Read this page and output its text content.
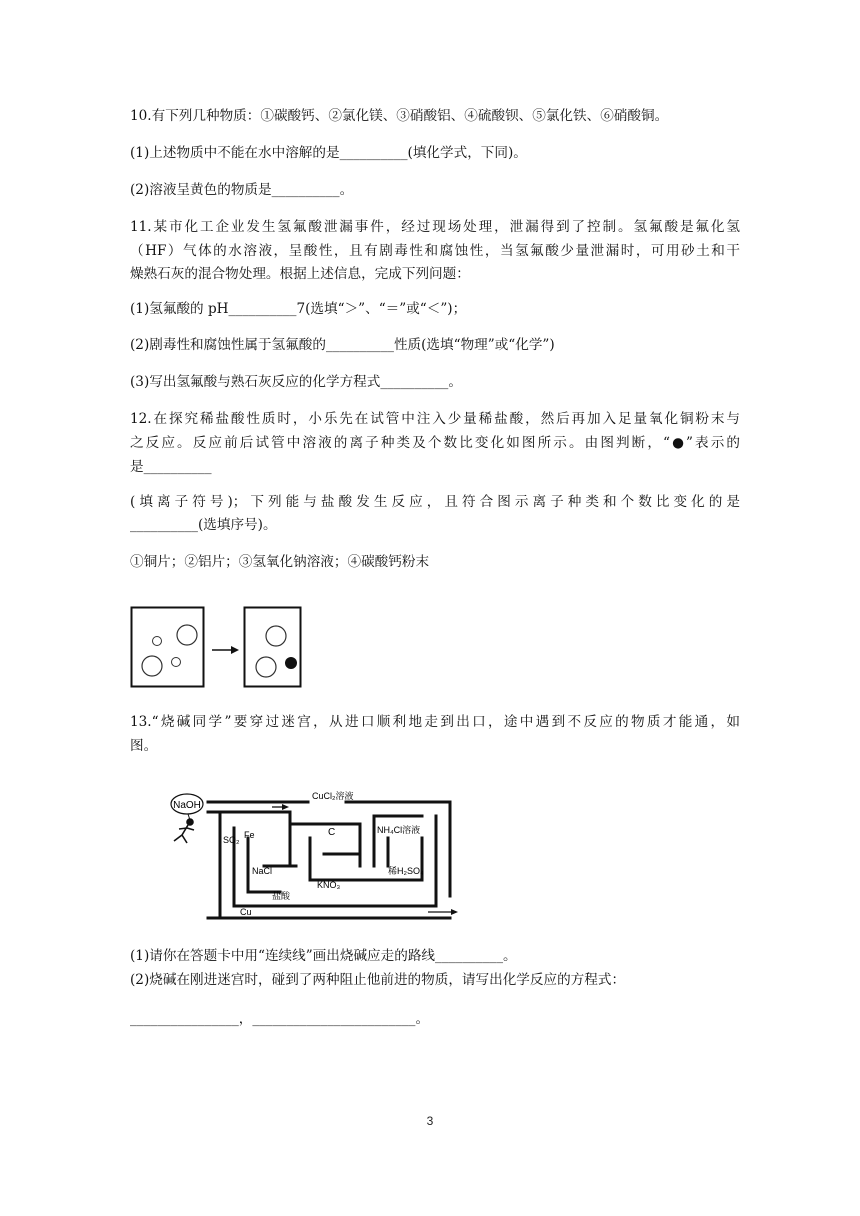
10.有下列几种物质：①碳酸钙、②氯化镁、③硝酸铝、④硫酸钡、⑤氯化铁、⑥硝酸铜。
(1)上述物质中不能在水中溶解的是__________(填化学式，下同)。
(2)溶液呈黄色的物质是__________。
11.某市化工企业发生氢氟酸泄漏事件，经过现场处理，泄漏得到了控制。氢氟酸是氟化氢
（HF）气体的水溶液，呈酸性，且有剧毒性和腐蚀性，当氢氟酸少量泄漏时，可用砂土和干
燥熟石灰的混合物处理。根据上述信息，完成下列问题：
(1)氢氟酸的 pH__________7(选填“＞”、“＝”或“＜”)；
(2)剧毒性和腐蚀性属于氢氟酸的__________性质(选填“物理”或“化学”)
(3)写出氢氟酸与熟石灰反应的化学方程式__________。
12.在探究稀盐酸性质时，小乐先在试管中注入少量稀盐酸，然后再加入足量氧化铜粉末与
之反应。反应前后试管中溶液的离子种类及个数比变化如图所示。由图判断，“●”表示的
是__________
(填离子符号)；下列能与盐酸发生反应，且符合图示离子种类和个数比变化的是
__________(选填序号)。
①铜片；②铝片；③氢氧化钠溶液；④碳酸钙粉末
13.“烧碱同学”要穿过迷宫，从进口顺利地走到出口，途中遇到不反应的物质才能通，如
图。
NaOH
CuCl₂溶液
C	NH₄Cl溶液
SO₂ Fe
NaCl	稀H₂SO₄
KNO₃
盐酸
Cu
(1)请你在答题卡中用“连续线”画出烧碱应走的路线__________。
(2)烧碱在刚进迷宫时，碰到了两种阻止他前进的物质，请写出化学反应的方程式：
________________，________________________。
3
